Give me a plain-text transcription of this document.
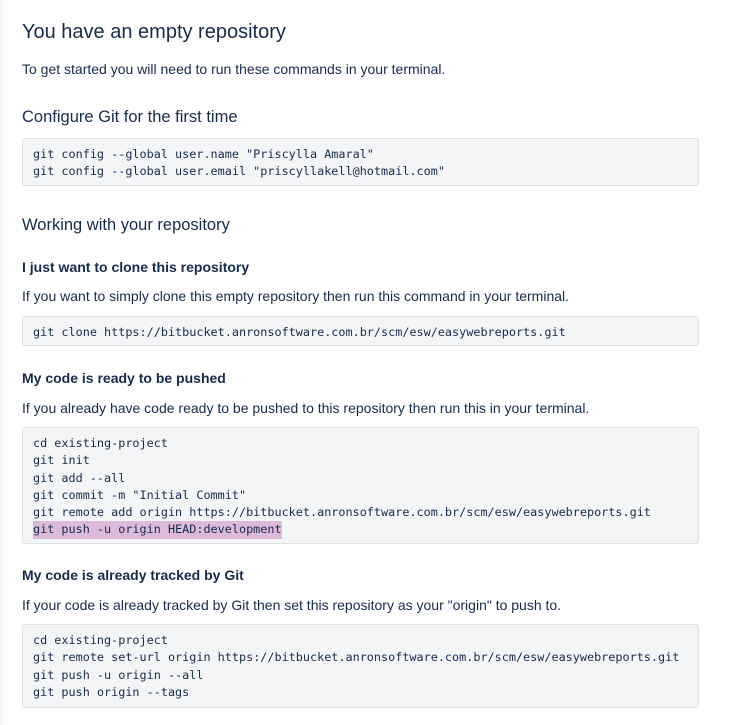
You have an empty repository

To get started you will need to run these commands in your terminal.

Configure Git for the first time
git config --global user.name "Priscylla Amaral"
git config --global user.email "priscyllakell@hotmail.com"
Working with your repository
I just want to clone this repository

If you want to simply clone this empty repository then run this command in your terminal.

git clone https://bitbucket.anronsoftware.com.br/scm/esw/easywebreports.git
My code is ready to be pushed

If you already have code ready to be pushed to this repository then run this in your terminal.

cd existing-project
git init
git add --all
git commit -m "Initial Commit"
git remote add origin https://bitbucket.anronsoftware.com.br/scm/esw/easywebreports.git
git push -u origin HEAD:development
My code is already tracked by Git

If your code is already tracked by Git then set this repository as your "origin" to push to.

cd existing-project
git remote set-url origin https://bitbucket.anronsoftware.com.br/scm/esw/easywebreports.git
git push -u origin --all
git push origin --tags
